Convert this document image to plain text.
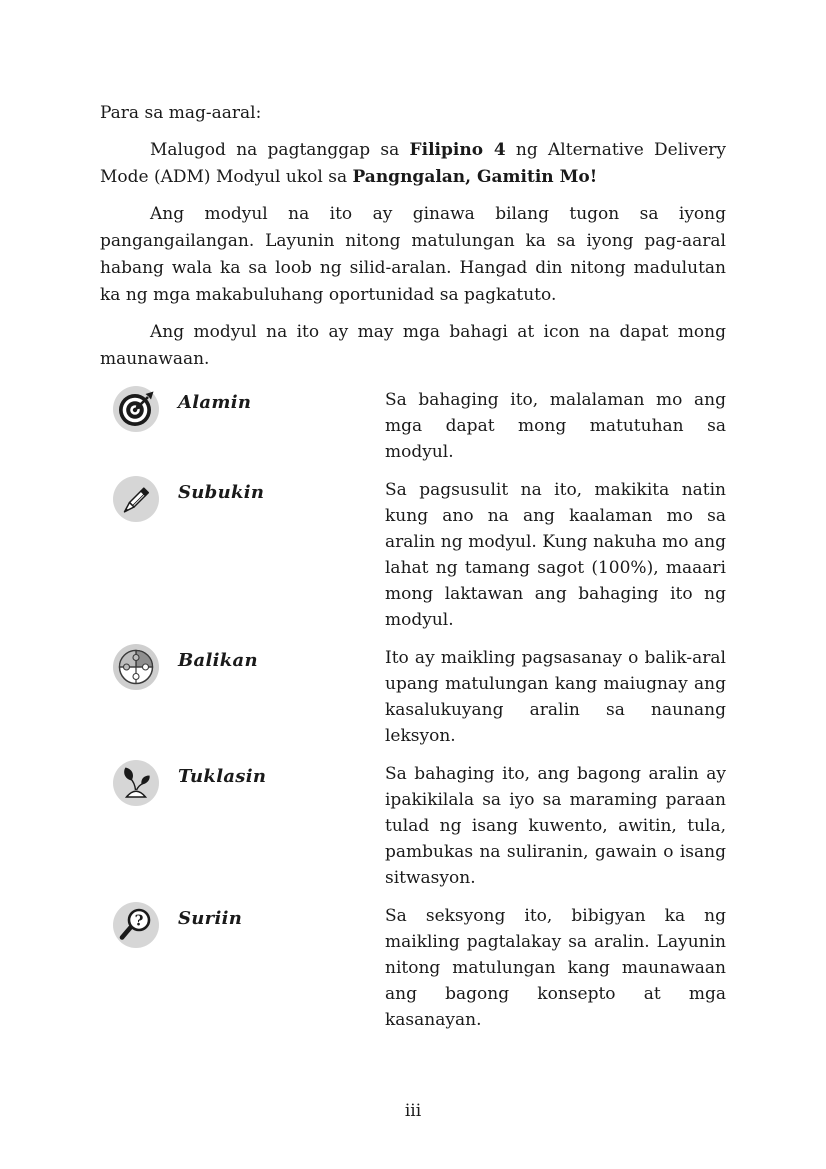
Para sa mag-aaral:

Malugod na pagtanggap sa Filipino 4 ng Alternative Delivery Mode (ADM) Modyul ukol sa Pangngalan, Gamitin Mo!

Ang modyul na ito ay ginawa bilang tugon sa iyong pangangailangan. Layunin nitong matulungan ka sa iyong pag-aaral habang wala ka sa loob ng silid-aralan. Hangad din nitong madulutan ka ng mga makabuluhang oportunidad sa pagkatuto.

Ang modyul na ito ay may mga bahagi at icon na dapat mong maunawaan.

Alamin	Sa bahaging ito, malalaman mo ang mga dapat mong matutuhan sa modyul.
Subukin	Sa pagsusulit na ito, makikita natin kung ano na ang kaalaman mo sa aralin ng modyul. Kung nakuha mo ang lahat ng tamang sagot (100%), maaari mong laktawan ang bahaging ito ng modyul.
Balikan	Ito ay maikling pagsasanay o balik-aral upang matulungan kang maiugnay ang kasalukuyang aralin sa naunang leksyon.
Tuklasin	Sa bahaging ito, ang bagong aralin ay ipakikilala sa iyo sa maraming paraan tulad ng isang kuwento, awitin, tula, pambukas na suliranin, gawain o isang sitwasyon.
? Suriin	Sa seksyong ito, bibigyan ka ng maikling pagtalakay sa aralin. Layunin nitong matulungan kang maunawaan ang bagong konsepto at mga kasanayan.
iii
